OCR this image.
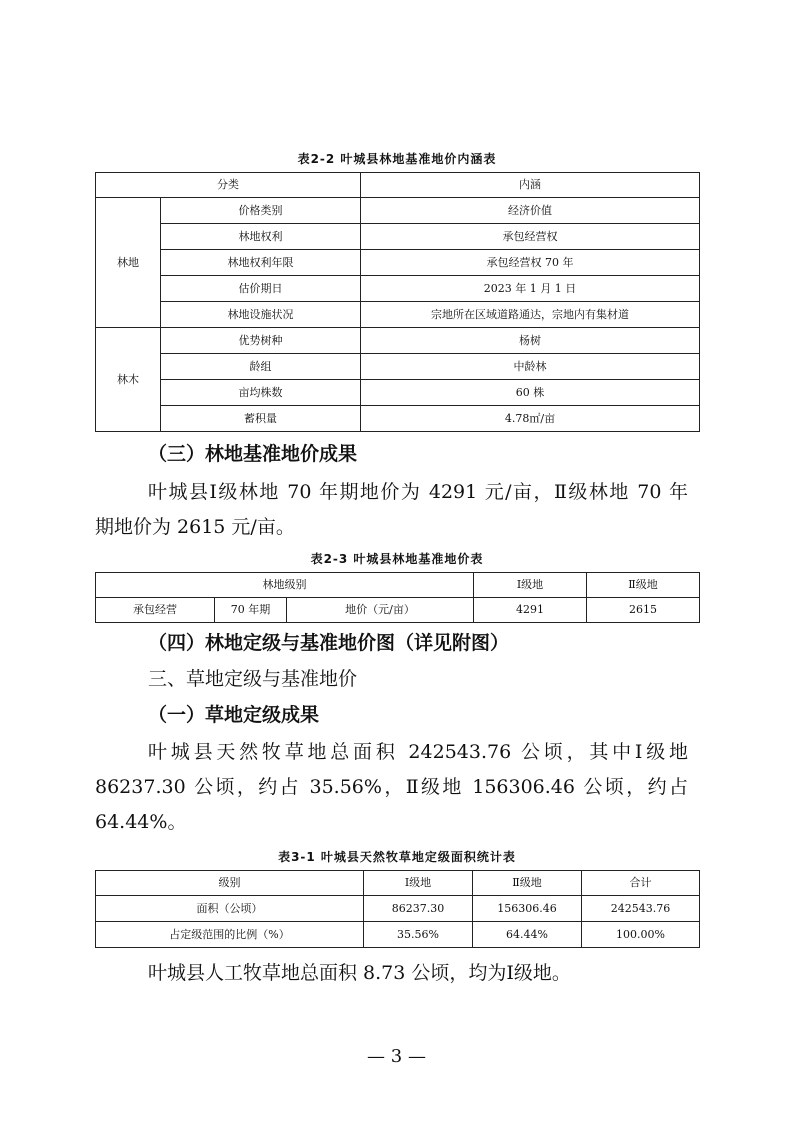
表2-2 叶城县林地基准地价内涵表
分类		内涵
林地	价格类别	经济价值
	林地权利	承包经营权
	林地权利年限	承包经营权 70 年
	估价期日	2023 年 1 月 1 日
	林地设施状况	宗地所在区域道路通达，宗地内有集材道
林木	优势树种	杨树
	龄组	中龄林
	亩均株数	60 株
	蓄积量	4.78㎡/亩
（三）林地基准地价成果
叶城县Ⅰ级林地 70 年期地价为 4291 元/亩，Ⅱ级林地 70 年
期地价为 2615 元/亩。
表2-3 叶城县林地基准地价表
林地级别			Ⅰ级地	Ⅱ级地
承包经营	70 年期	地价（元/亩）	4291	2615
（四）林地定级与基准地价图（详见附图）
三、草地定级与基准地价
（一）草地定级成果
叶城县天然牧草地总面积 242543.76 公顷，其中Ⅰ级地
86237.30 公顷，约占 35.56%，Ⅱ级地 156306.46 公顷，约占
64.44%。
表3-1 叶城县天然牧草地定级面积统计表
级别	Ⅰ级地	Ⅱ级地	合计
面积（公顷）	86237.30	156306.46	242543.76
占定级范围的比例（%）	35.56%	64.44%	100.00%
叶城县人工牧草地总面积 8.73 公顷，均为Ⅰ级地。
— 3 —
